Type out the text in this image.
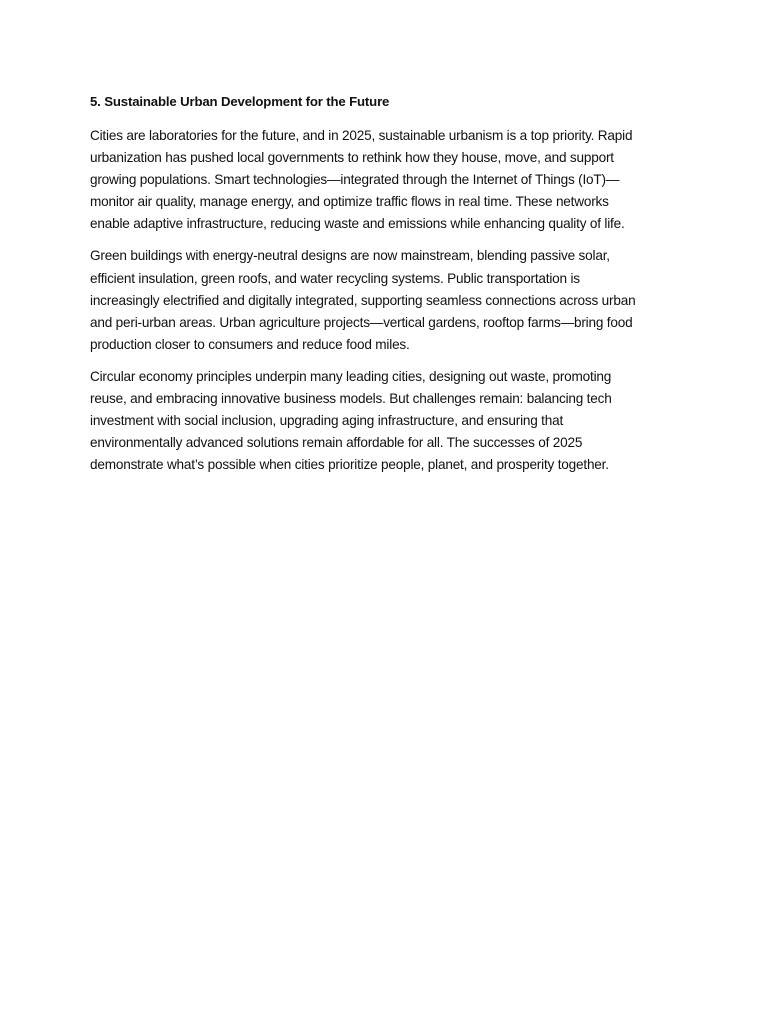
5. Sustainable Urban Development for the Future

Cities are laboratories for the future, and in 2025, sustainable urbanism is a top priority. Rapid
urbanization has pushed local governments to rethink how they house, move, and support
growing populations. Smart technologies—integrated through the Internet of Things (IoT)—
monitor air quality, manage energy, and optimize traffic flows in real time. These networks
enable adaptive infrastructure, reducing waste and emissions while enhancing quality of life.

Green buildings with energy-neutral designs are now mainstream, blending passive solar,
efficient insulation, green roofs, and water recycling systems. Public transportation is
increasingly electrified and digitally integrated, supporting seamless connections across urban
and peri-urban areas. Urban agriculture projects—vertical gardens, rooftop farms—bring food
production closer to consumers and reduce food miles.

Circular economy principles underpin many leading cities, designing out waste, promoting
reuse, and embracing innovative business models. But challenges remain: balancing tech
investment with social inclusion, upgrading aging infrastructure, and ensuring that
environmentally advanced solutions remain affordable for all. The successes of 2025
demonstrate what’s possible when cities prioritize people, planet, and prosperity together.
